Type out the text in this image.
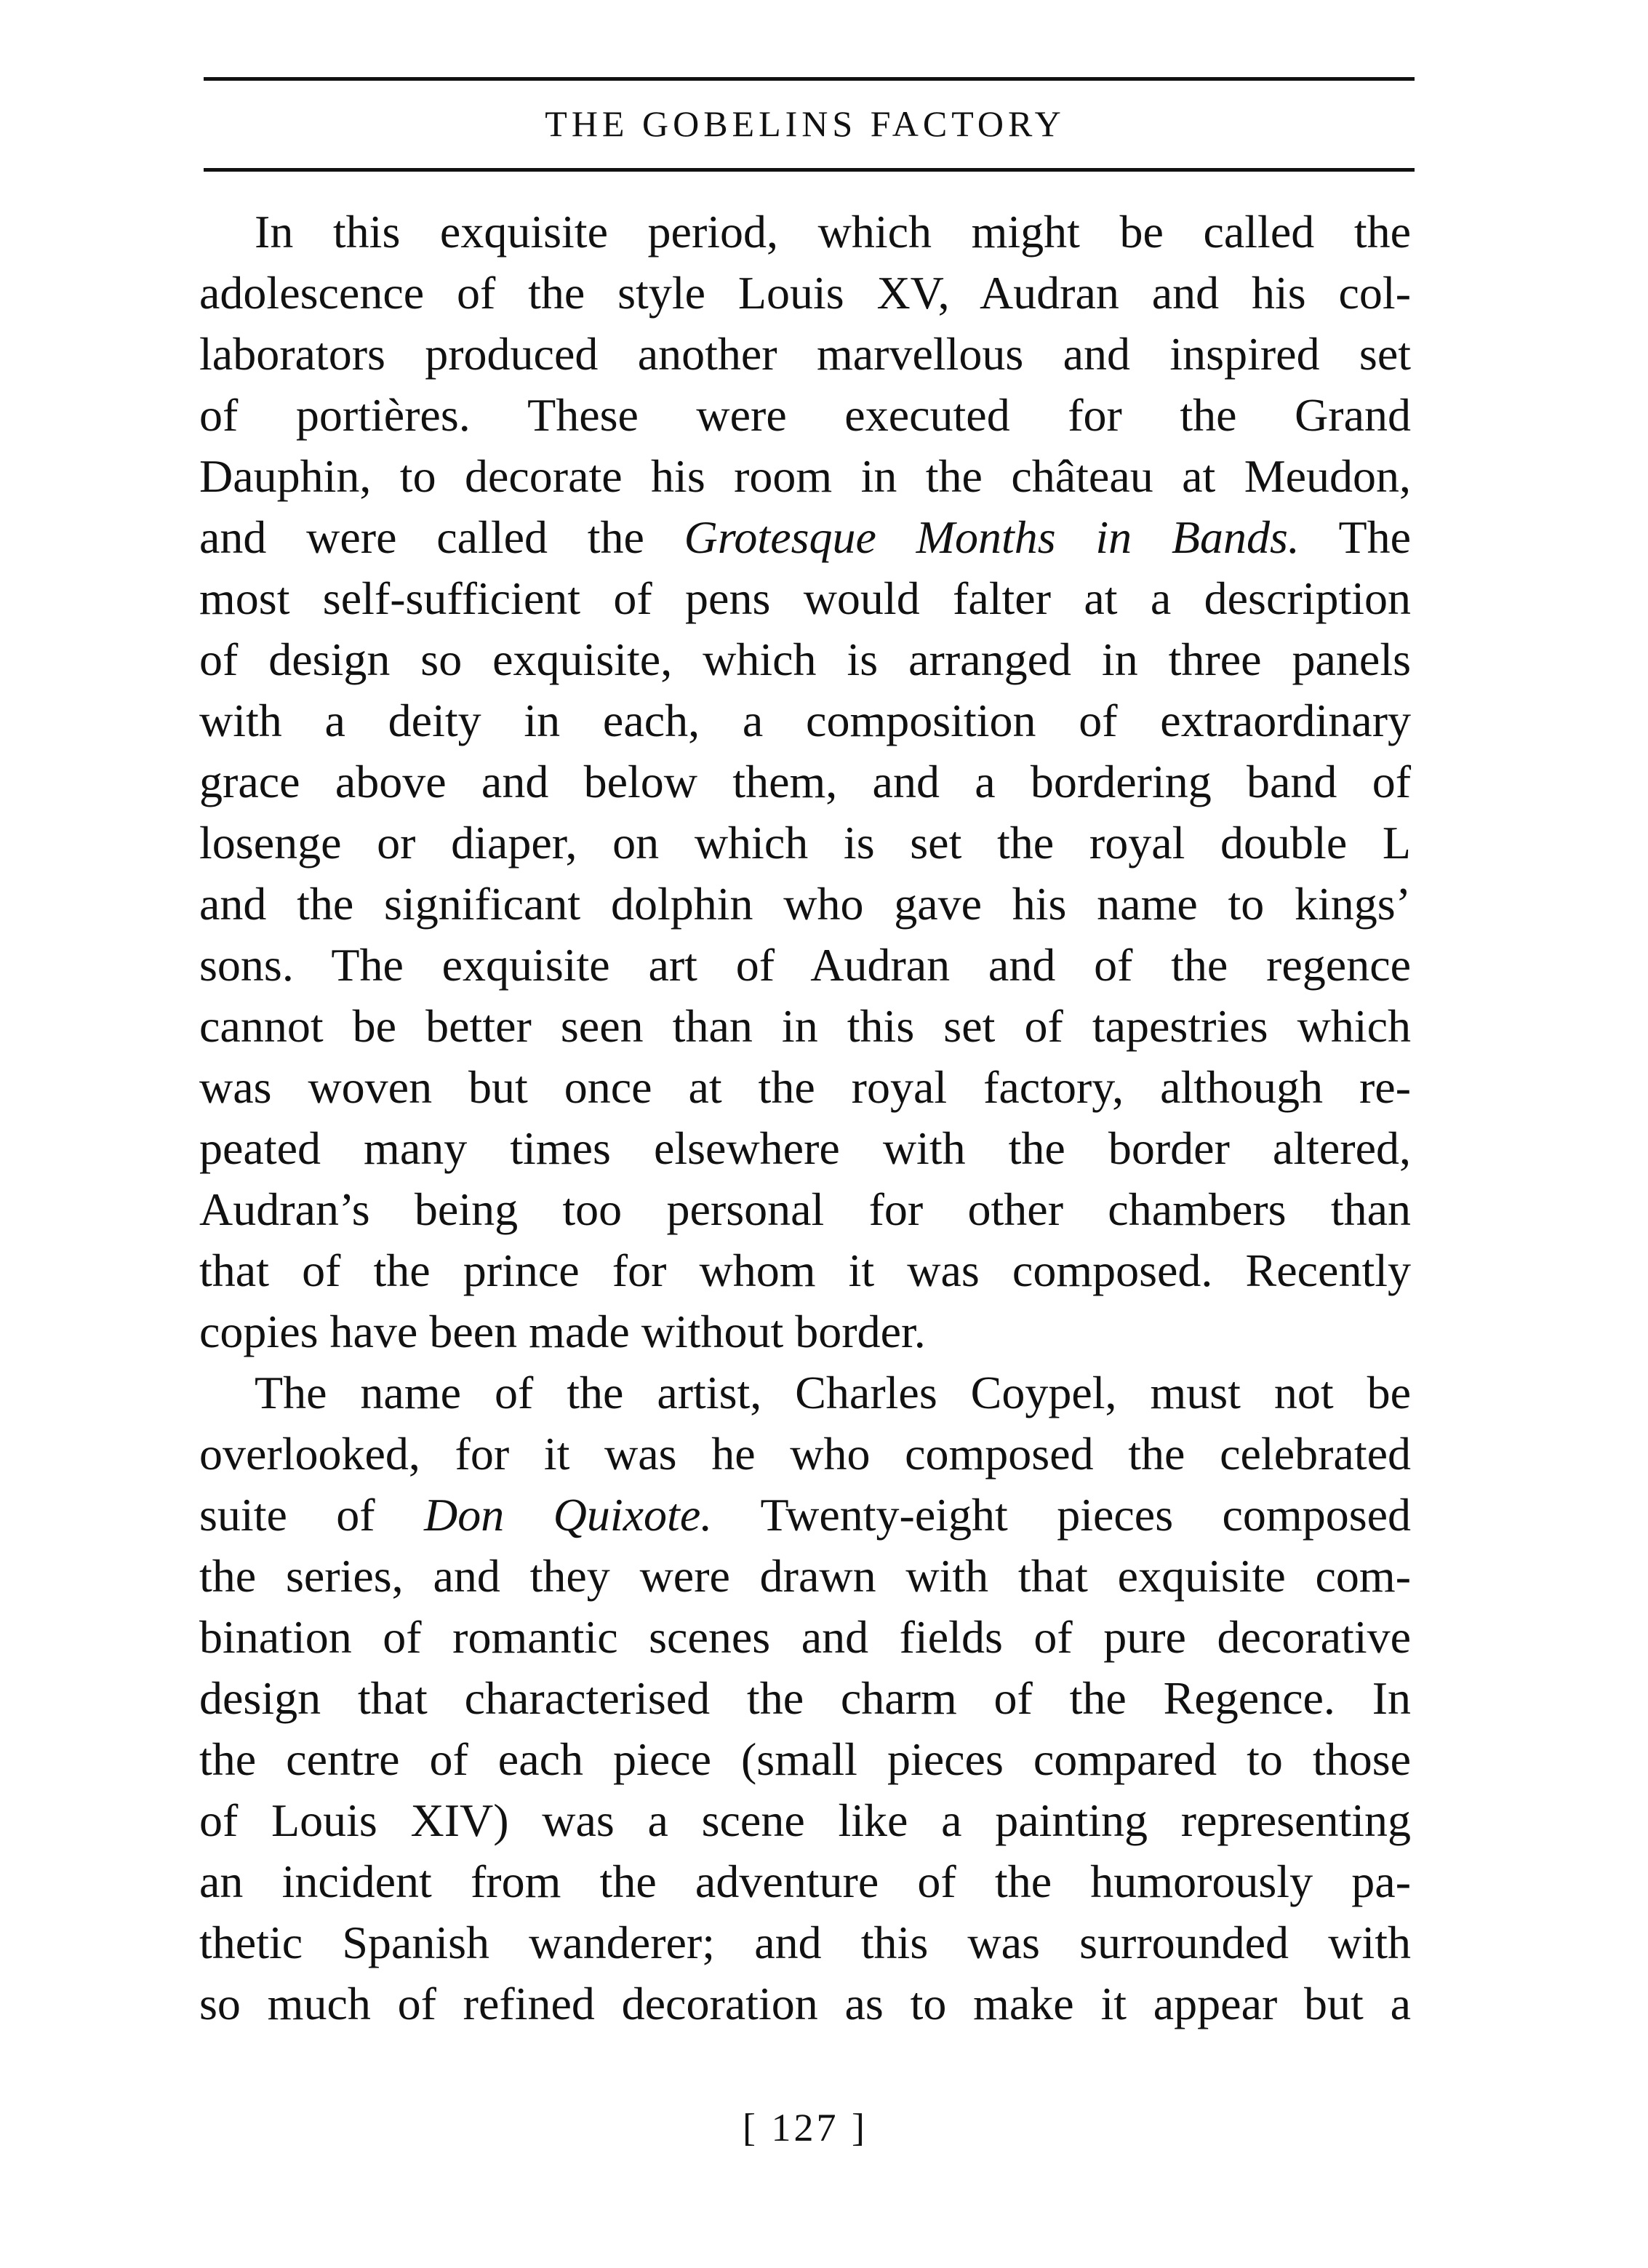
THE GOBELINS FACTORY
In this exquisite period, which might be called the
adolescence of the style Louis XV, Audran and his col-
laborators produced another marvellous and inspired set
of portières. These were executed for the Grand
Dauphin, to decorate his room in the château at Meudon,
and were called the Grotesque Months in Bands. The
most self-sufficient of pens would falter at a description
of design so exquisite, which is arranged in three panels
with a deity in each, a composition of extraordinary
grace above and below them, and a bordering band of
losenge or diaper, on which is set the royal double L
and the significant dolphin who gave his name to kings’
sons. The exquisite art of Audran and of the regence
cannot be better seen than in this set of tapestries which
was woven but once at the royal factory, although re-
peated many times elsewhere with the border altered,
Audran’s being too personal for other chambers than
that of the prince for whom it was composed. Recently
copies have been made without border.
The name of the artist, Charles Coypel, must not be
overlooked, for it was he who composed the celebrated
suite of Don Quixote. Twenty-eight pieces composed
the series, and they were drawn with that exquisite com-
bination of romantic scenes and fields of pure decorative
design that characterised the charm of the Regence. In
the centre of each piece (small pieces compared to those
of Louis XIV) was a scene like a painting representing
an incident from the adventure of the humorously pa-
thetic Spanish wanderer; and this was surrounded with
so much of refined decoration as to make it appear but a
[ 127 ]
